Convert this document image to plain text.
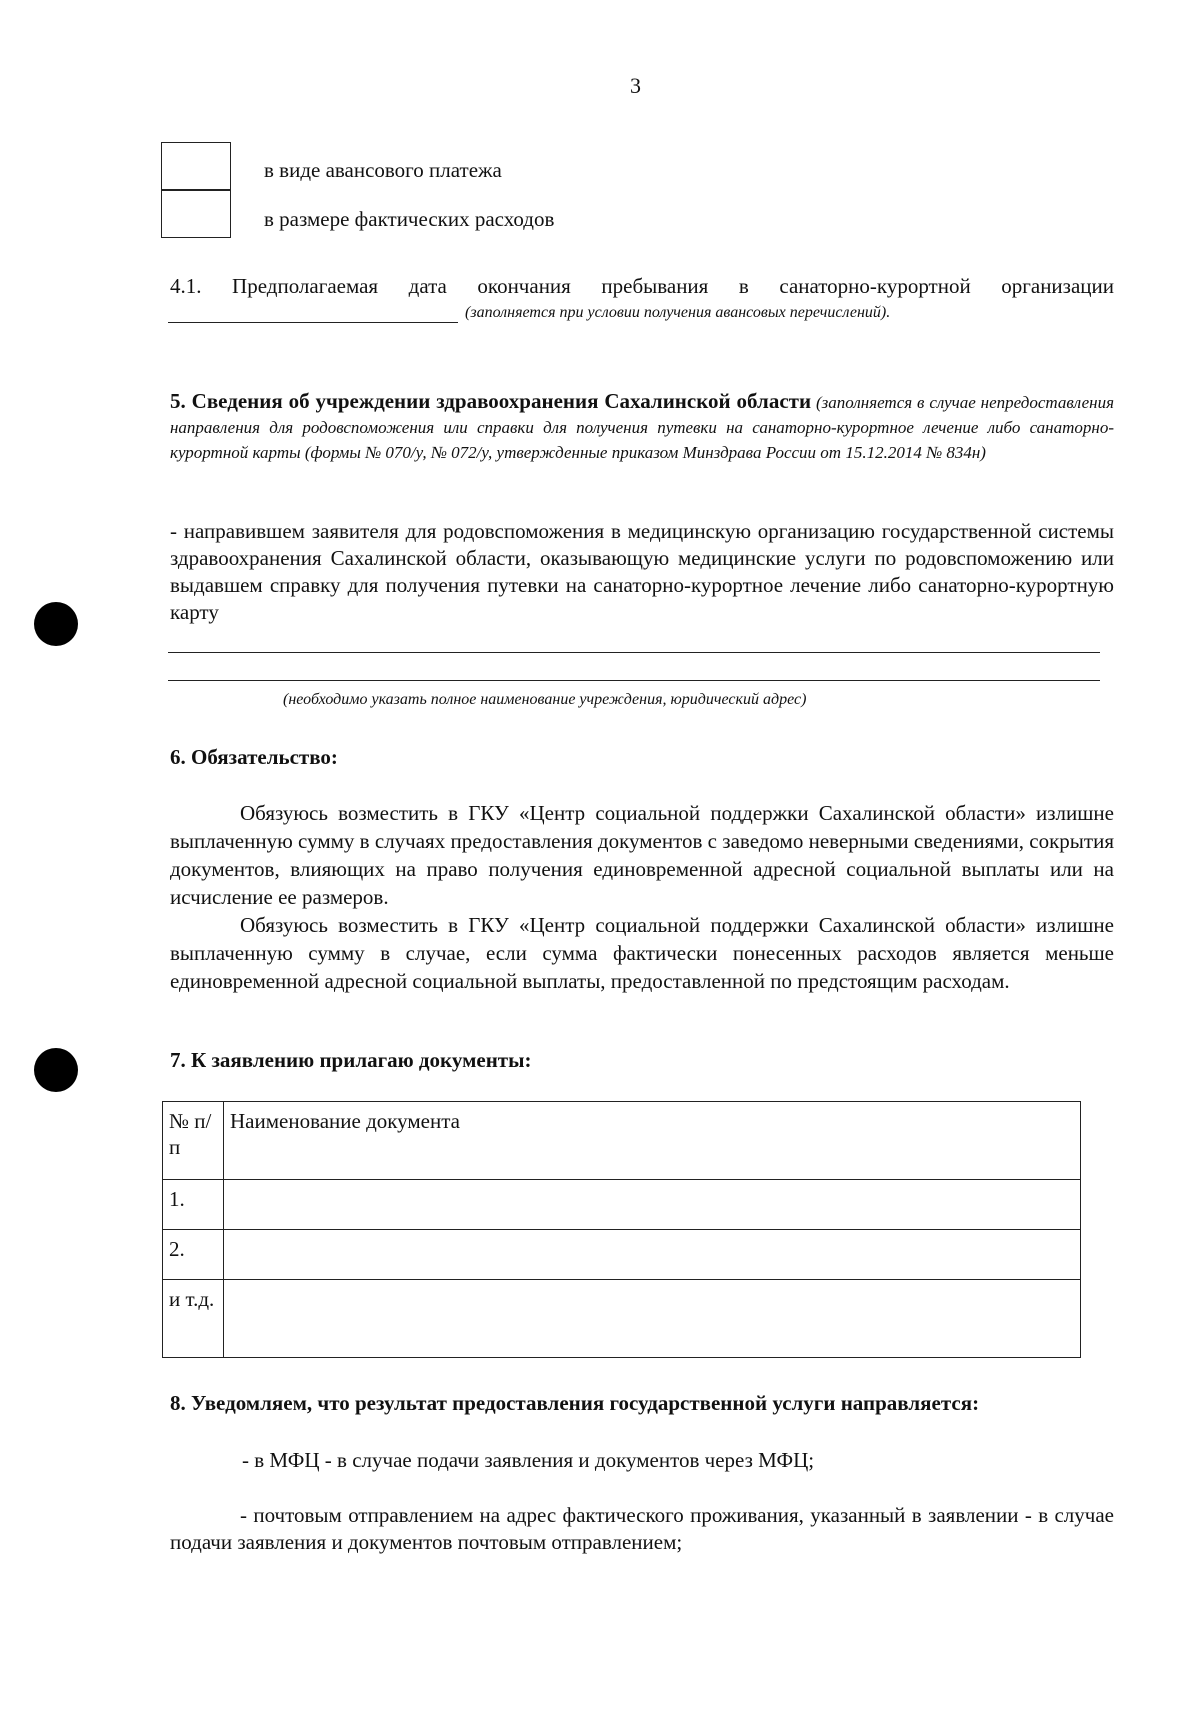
3
в виде авансового платежа
в размере фактических расходов
4.1. Предполагаемая дата окончания пребывания в санаторно-курортной организации
(заполняется при условии получения авансовых перечислений).
5. Сведения об учреждении здравоохранения Сахалинской области (заполняется в случае непредоставления направления для родовспоможения или справки для получения путевки на санаторно-курортное лечение либо санаторно-курортной карты (формы № 070/у, № 072/у, утвержденные приказом Минздрава России от 15.12.2014 № 834н)
- направившем заявителя для родовспоможения в медицинскую организацию государственной системы здравоохранения Сахалинской области, оказывающую медицинские услуги по родовспоможению или выдавшем справку для получения путевки на санаторно-курортное лечение либо санаторно-курортную карту
(необходимо указать полное наименование учреждения, юридический адрес)
6. Обязательство:
Обязуюсь возместить в ГКУ «Центр социальной поддержки Сахалинской области» излишне выплаченную сумму в случаях предоставления документов с заведомо неверными сведениями, сокрытия документов, влияющих на право получения единовременной адресной социальной выплаты или на исчисление ее размеров.
Обязуюсь возместить в ГКУ «Центр социальной поддержки Сахалинской области» излишне выплаченную сумму в случае, если сумма фактически понесенных расходов является меньше единовременной адресной социальной выплаты, предоставленной по предстоящим расходам.
7. К заявлению прилагаю документы:
№ п/п	Наименование документа
1.	
2.	
и т.д.	
8. Уведомляем, что результат предоставления государственной услуги направляется:
- в МФЦ - в случае подачи заявления и документов через МФЦ;
- почтовым отправлением на адрес фактического проживания, указанный в заявлении - в случае подачи заявления и документов почтовым отправлением;
